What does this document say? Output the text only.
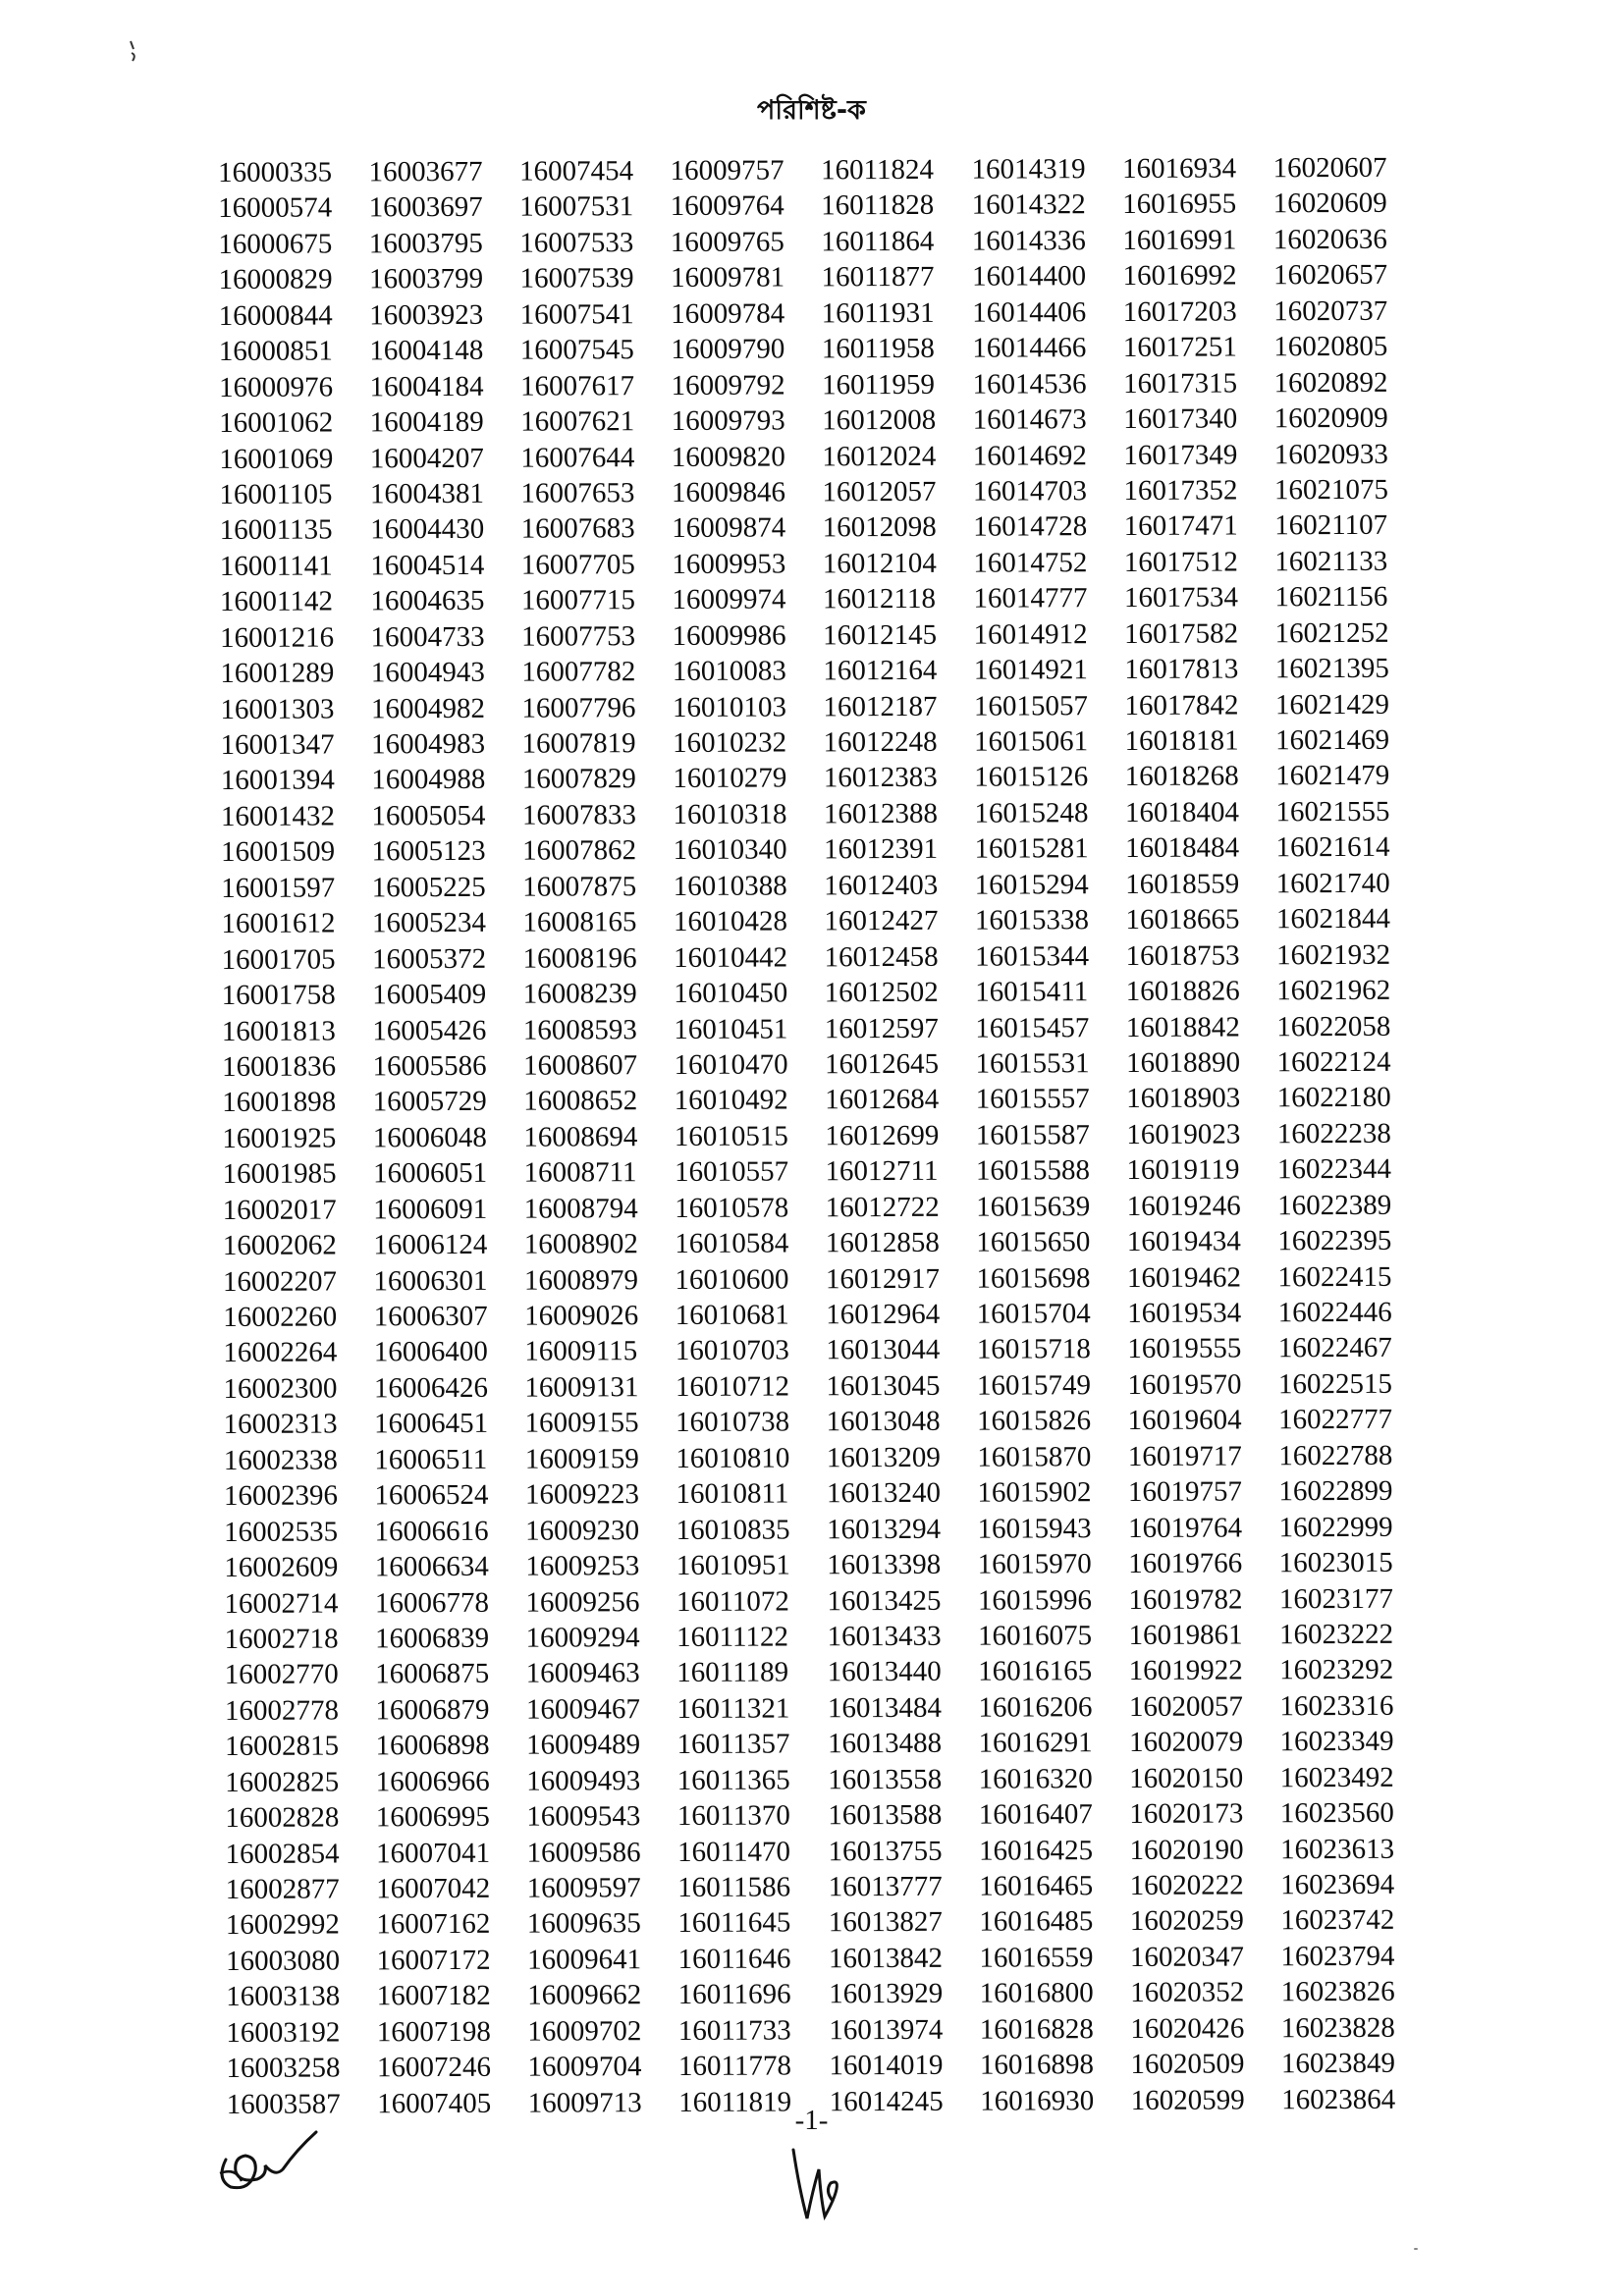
পরিশিষ্ট-ক
16000335
16000574
16000675
16000829
16000844
16000851
16000976
16001062
16001069
16001105
16001135
16001141
16001142
16001216
16001289
16001303
16001347
16001394
16001432
16001509
16001597
16001612
16001705
16001758
16001813
16001836
16001898
16001925
16001985
16002017
16002062
16002207
16002260
16002264
16002300
16002313
16002338
16002396
16002535
16002609
16002714
16002718
16002770
16002778
16002815
16002825
16002828
16002854
16002877
16002992
16003080
16003138
16003192
16003258
16003587
16003677
16003697
16003795
16003799
16003923
16004148
16004184
16004189
16004207
16004381
16004430
16004514
16004635
16004733
16004943
16004982
16004983
16004988
16005054
16005123
16005225
16005234
16005372
16005409
16005426
16005586
16005729
16006048
16006051
16006091
16006124
16006301
16006307
16006400
16006426
16006451
16006511
16006524
16006616
16006634
16006778
16006839
16006875
16006879
16006898
16006966
16006995
16007041
16007042
16007162
16007172
16007182
16007198
16007246
16007405
16007454
16007531
16007533
16007539
16007541
16007545
16007617
16007621
16007644
16007653
16007683
16007705
16007715
16007753
16007782
16007796
16007819
16007829
16007833
16007862
16007875
16008165
16008196
16008239
16008593
16008607
16008652
16008694
16008711
16008794
16008902
16008979
16009026
16009115
16009131
16009155
16009159
16009223
16009230
16009253
16009256
16009294
16009463
16009467
16009489
16009493
16009543
16009586
16009597
16009635
16009641
16009662
16009702
16009704
16009713
16009757
16009764
16009765
16009781
16009784
16009790
16009792
16009793
16009820
16009846
16009874
16009953
16009974
16009986
16010083
16010103
16010232
16010279
16010318
16010340
16010388
16010428
16010442
16010450
16010451
16010470
16010492
16010515
16010557
16010578
16010584
16010600
16010681
16010703
16010712
16010738
16010810
16010811
16010835
16010951
16011072
16011122
16011189
16011321
16011357
16011365
16011370
16011470
16011586
16011645
16011646
16011696
16011733
16011778
16011819
16011824
16011828
16011864
16011877
16011931
16011958
16011959
16012008
16012024
16012057
16012098
16012104
16012118
16012145
16012164
16012187
16012248
16012383
16012388
16012391
16012403
16012427
16012458
16012502
16012597
16012645
16012684
16012699
16012711
16012722
16012858
16012917
16012964
16013044
16013045
16013048
16013209
16013240
16013294
16013398
16013425
16013433
16013440
16013484
16013488
16013558
16013588
16013755
16013777
16013827
16013842
16013929
16013974
16014019
16014245
16014319
16014322
16014336
16014400
16014406
16014466
16014536
16014673
16014692
16014703
16014728
16014752
16014777
16014912
16014921
16015057
16015061
16015126
16015248
16015281
16015294
16015338
16015344
16015411
16015457
16015531
16015557
16015587
16015588
16015639
16015650
16015698
16015704
16015718
16015749
16015826
16015870
16015902
16015943
16015970
16015996
16016075
16016165
16016206
16016291
16016320
16016407
16016425
16016465
16016485
16016559
16016800
16016828
16016898
16016930
16016934
16016955
16016991
16016992
16017203
16017251
16017315
16017340
16017349
16017352
16017471
16017512
16017534
16017582
16017813
16017842
16018181
16018268
16018404
16018484
16018559
16018665
16018753
16018826
16018842
16018890
16018903
16019023
16019119
16019246
16019434
16019462
16019534
16019555
16019570
16019604
16019717
16019757
16019764
16019766
16019782
16019861
16019922
16020057
16020079
16020150
16020173
16020190
16020222
16020259
16020347
16020352
16020426
16020509
16020599
16020607
16020609
16020636
16020657
16020737
16020805
16020892
16020909
16020933
16021075
16021107
16021133
16021156
16021252
16021395
16021429
16021469
16021479
16021555
16021614
16021740
16021844
16021932
16021962
16022058
16022124
16022180
16022238
16022344
16022389
16022395
16022415
16022446
16022467
16022515
16022777
16022788
16022899
16022999
16023015
16023177
16023222
16023292
16023316
16023349
16023492
16023560
16023613
16023694
16023742
16023794
16023826
16023828
16023849
16023864
-1-
